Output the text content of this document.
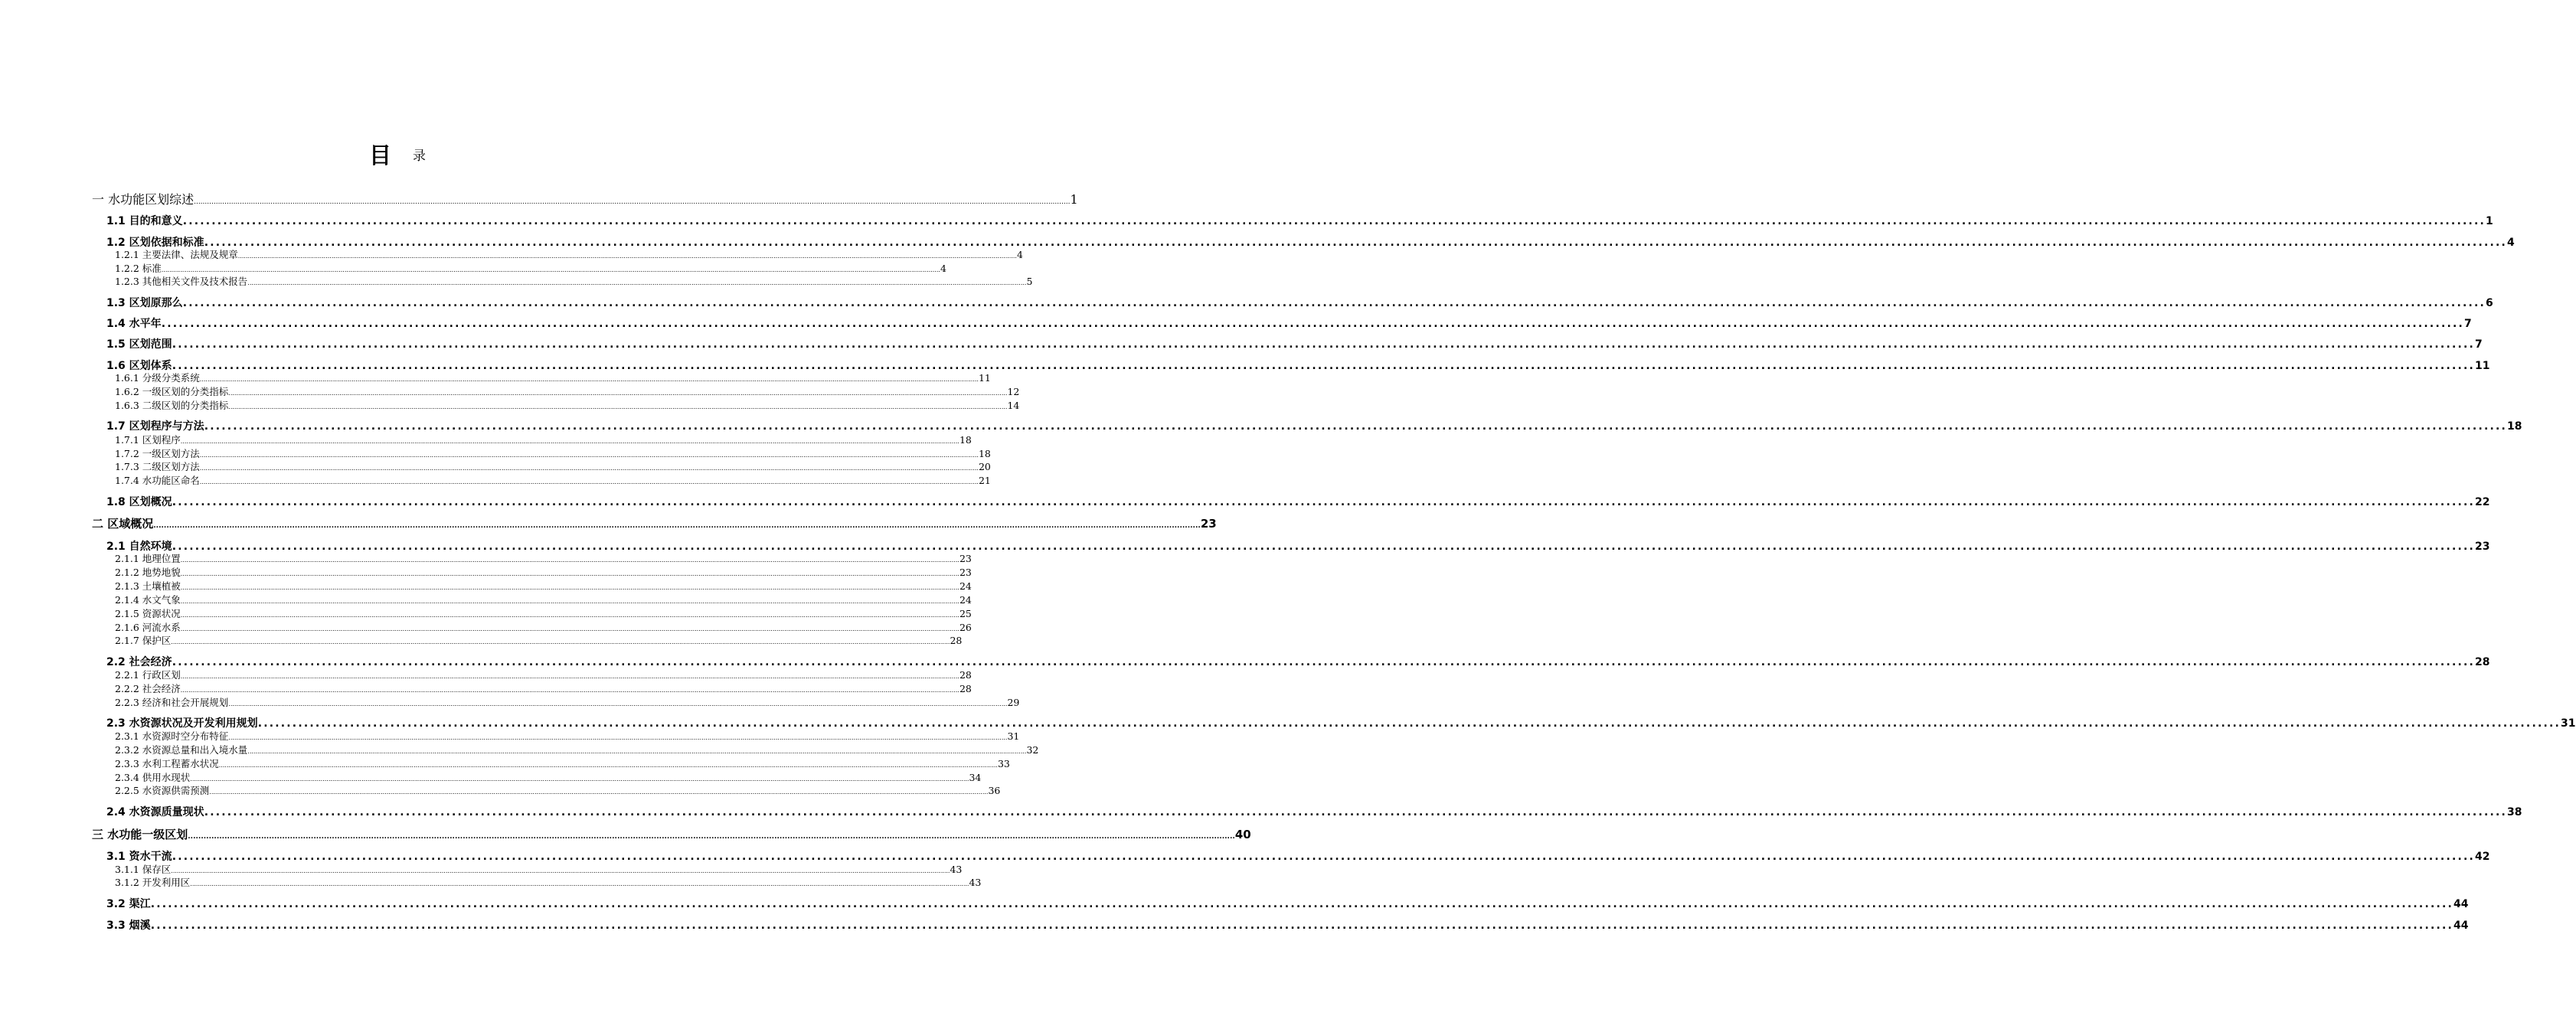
目 录
一 水功能区划综述 ................................................................................................................................................................................................................................................................................................................................................................................................................ 1
1.1 目的和意义 ................................................................................................................................................................................................................................................................................................................................................................................................................ 1
1.2 区划依据和标准 ................................................................................................................................................................................................................................................................................................................................................................................................................ 4
1.2.1 主要法律、法规及规章 ................................................................................................................................................................................................................................................................................................................................................................................................................ 4
1.2.2 标准 ................................................................................................................................................................................................................................................................................................................................................................................................................ 4
1.2.3 其他相关文件及技术报告 ................................................................................................................................................................................................................................................................................................................................................................................................................ 5
1.3 区划原那么 ................................................................................................................................................................................................................................................................................................................................................................................................................ 6
1.4 水平年 ................................................................................................................................................................................................................................................................................................................................................................................................................ 7
1.5 区划范围 ................................................................................................................................................................................................................................................................................................................................................................................................................ 7
1.6 区划体系 ................................................................................................................................................................................................................................................................................................................................................................................................................ 11
1.6.1 分级分类系统 ................................................................................................................................................................................................................................................................................................................................................................................................................ 11
1.6.2 一级区划的分类指标 ................................................................................................................................................................................................................................................................................................................................................................................................................ 12
1.6.3 二级区划的分类指标 ................................................................................................................................................................................................................................................................................................................................................................................................................ 14
1.7 区划程序与方法 ................................................................................................................................................................................................................................................................................................................................................................................................................ 18
1.7.1 区划程序 ................................................................................................................................................................................................................................................................................................................................................................................................................ 18
1.7.2 一级区划方法 ................................................................................................................................................................................................................................................................................................................................................................................................................ 18
1.7.3 二级区划方法 ................................................................................................................................................................................................................................................................................................................................................................................................................ 20
1.7.4 水功能区命名 ................................................................................................................................................................................................................................................................................................................................................................................................................ 21
1.8 区划概况 ................................................................................................................................................................................................................................................................................................................................................................................................................ 22
二 区域概况 ................................................................................................................................................................................................................................................................................................................................................................................................................ 23
2.1 自然环境 ................................................................................................................................................................................................................................................................................................................................................................................................................ 23
2.1.1 地理位置 ................................................................................................................................................................................................................................................................................................................................................................................................................ 23
2.1.2 地势地貌 ................................................................................................................................................................................................................................................................................................................................................................................................................ 23
2.1.3 土壤植被 ................................................................................................................................................................................................................................................................................................................................................................................................................ 24
2.1.4 水文气象 ................................................................................................................................................................................................................................................................................................................................................................................................................ 24
2.1.5 资源状况 ................................................................................................................................................................................................................................................................................................................................................................................................................ 25
2.1.6 河流水系 ................................................................................................................................................................................................................................................................................................................................................................................................................ 26
2.1.7 保护区 ................................................................................................................................................................................................................................................................................................................................................................................................................ 28
2.2 社会经济 ................................................................................................................................................................................................................................................................................................................................................................................................................ 28
2.2.1 行政区划 ................................................................................................................................................................................................................................................................................................................................................................................................................ 28
2.2.2 社会经济 ................................................................................................................................................................................................................................................................................................................................................................................................................ 28
2.2.3 经济和社会开展规划 ................................................................................................................................................................................................................................................................................................................................................................................................................ 29
2.3 水资源状况及开发利用规划 ................................................................................................................................................................................................................................................................................................................................................................................................................ 31
2.3.1 水资源时空分布特征 ................................................................................................................................................................................................................................................................................................................................................................................................................ 31
2.3.2 水资源总量和出入境水量 ................................................................................................................................................................................................................................................................................................................................................................................................................ 32
2.3.3 水利工程蓄水状况 ................................................................................................................................................................................................................................................................................................................................................................................................................ 33
2.3.4 供用水现状 ................................................................................................................................................................................................................................................................................................................................................................................................................ 34
2.2.5 水资源供需预测 ................................................................................................................................................................................................................................................................................................................................................................................................................ 36
2.4 水资源质量现状 ................................................................................................................................................................................................................................................................................................................................................................................................................ 38
三 水功能一级区划 ................................................................................................................................................................................................................................................................................................................................................................................................................ 40
3.1 资水干流 ................................................................................................................................................................................................................................................................................................................................................................................................................ 42
3.1.1 保存区 ................................................................................................................................................................................................................................................................................................................................................................................................................ 43
3.1.2 开发利用区 ................................................................................................................................................................................................................................................................................................................................................................................................................ 43
3.2 渠江 ................................................................................................................................................................................................................................................................................................................................................................................................................ 44
3.3 烟溪 ................................................................................................................................................................................................................................................................................................................................................................................................................ 44
